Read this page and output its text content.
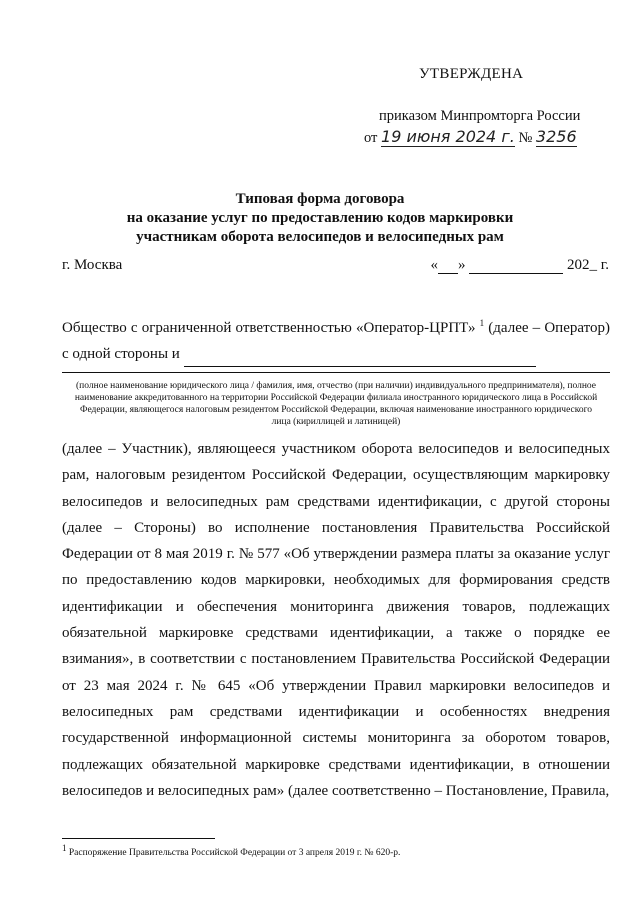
УТВЕРЖДЕНА
приказом Минпромторга России
от 19 июня 2024 г. № 3256
Типовая форма договора
на оказание услуг по предоставлению кодов маркировки
участникам оборота велосипедов и велосипедных рам
г. Москва	« »	202_ г.
Общество с ограниченной ответственностью «Оператор-ЦРПТ» $^1$ (далее – Оператор) с одной стороны и
(полное наименование юридического лица / фамилия, имя, отчество (при наличии) индивидуального предпринимателя), полное наименование аккредитованного на территории Российской Федерации филиала иностранного юридического лица в Российской Федерации, являющегося налоговым резидентом Российской Федерации, включая наименование иностранного юридического лица (кириллицей и латиницей)
(далее – Участник), являющееся участником оборота велосипедов и велосипедных рам, налоговым резидентом Российской Федерации, осуществляющим маркировку велосипедов и велосипедных рам средствами идентификации, с другой стороны (далее – Стороны) во исполнение постановления Правительства Российской Федерации от 8 мая 2019 г. № 577 «Об утверждении размера платы за оказание услуг по предоставлению кодов маркировки, необходимых для формирования средств идентификации и обеспечения мониторинга движения товаров, подлежащих обязательной маркировке средствами идентификации, а также о порядке ее взимания», в соответствии с постановлением Правительства Российской Федерации от 23 мая 2024 г. № 645 «Об утверждении Правил маркировки велосипедов и велосипедных рам средствами идентификации и особенностях внедрения государственной информационной системы мониторинга за оборотом товаров, подлежащих обязательной маркировке средствами идентификации, в отношении велосипедов и велосипедных рам» (далее соответственно – Постановление, Правила,
$^1$ Распоряжение Правительства Российской Федерации от 3 апреля 2019 г. № 620-р.
